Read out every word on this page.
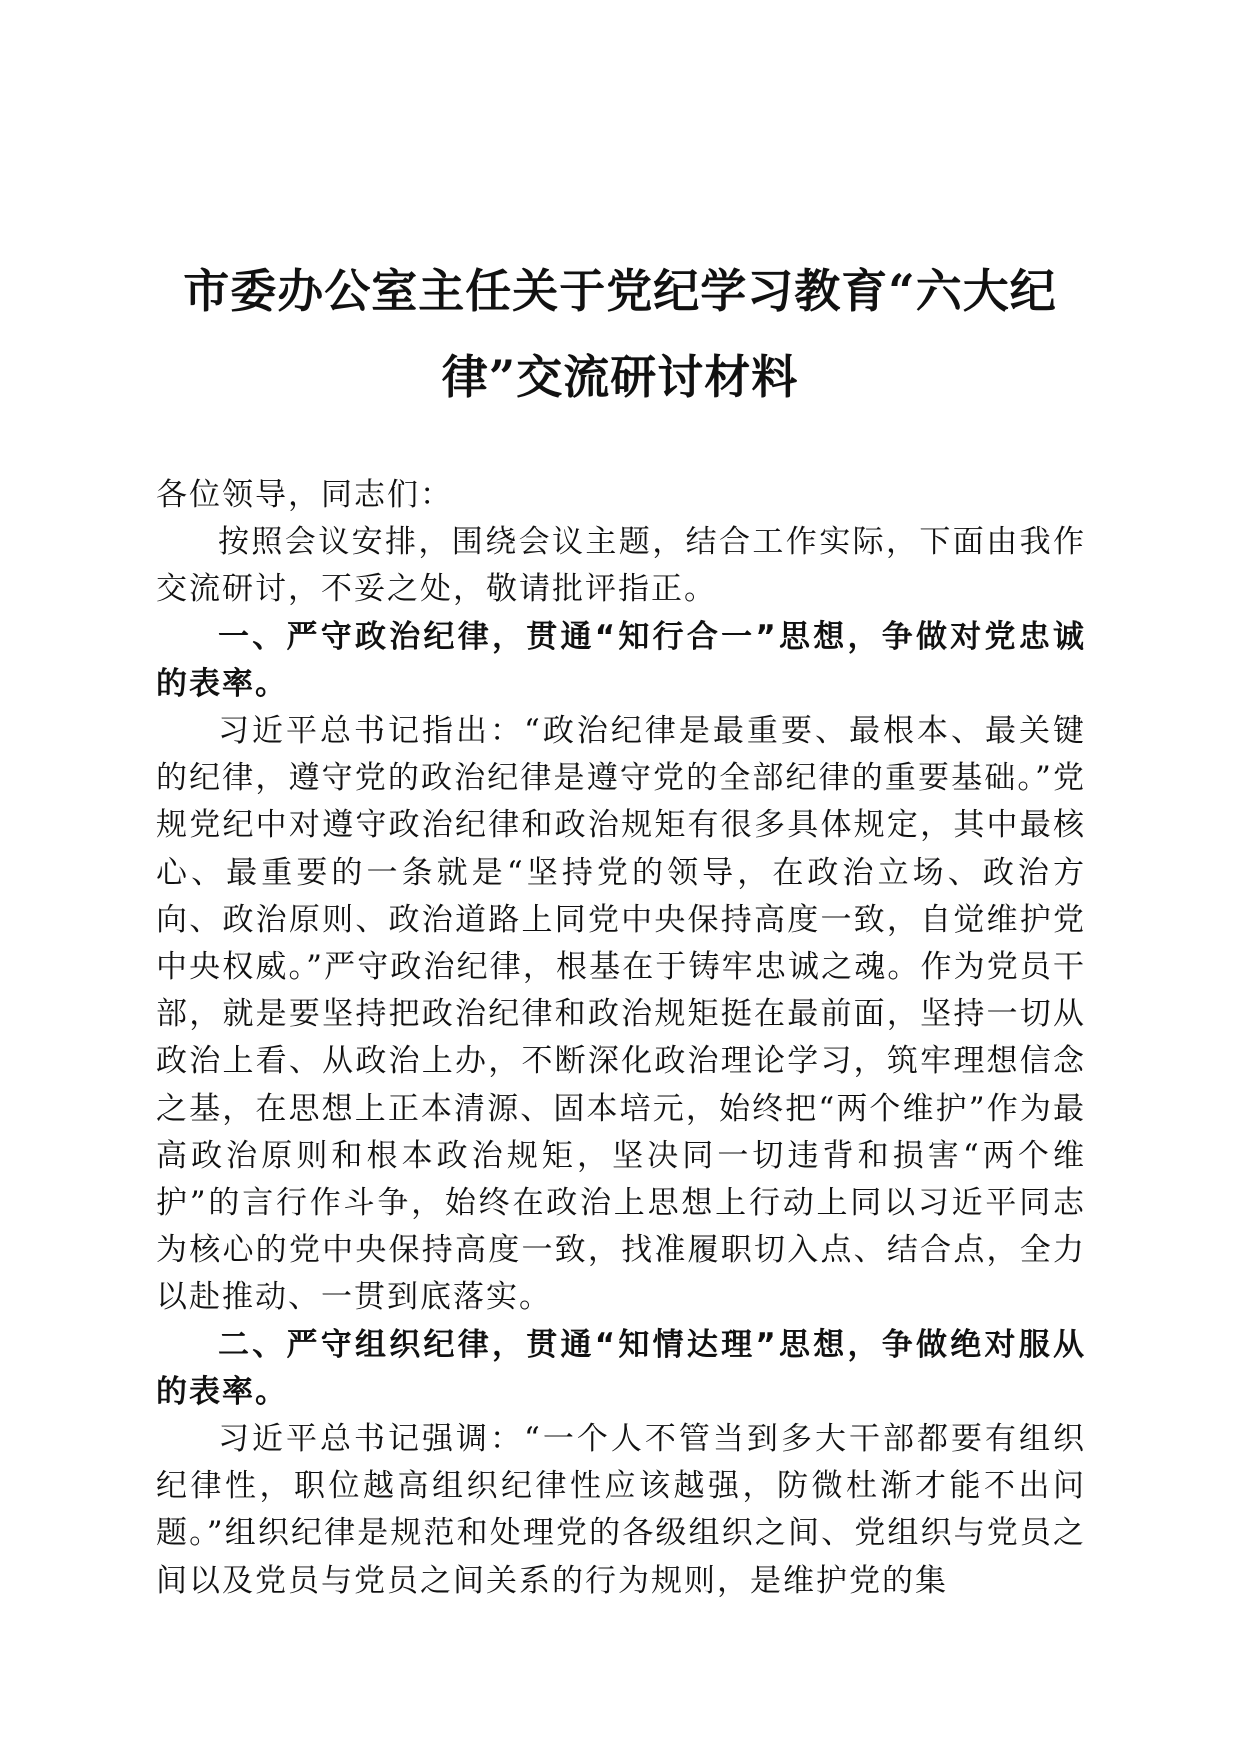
市委办公室主任关于党纪学习教育“六大纪
律”交流研讨材料

各位领导，同志们：

按照会议安排，围绕会议主题，结合工作实际，下面由我作交流研讨，不妥之处，敬请批评指正。

一、严守政治纪律，贯通“知行合一”思想，争做对党忠诚的表率。

习近平总书记指出：“政治纪律是最重要、最根本、最关键的纪律，遵守党的政治纪律是遵守党的全部纪律的重要基础。”党规党纪中对遵守政治纪律和政治规矩有很多具体规定，其中最核心、最重要的一条就是“坚持党的领导，在政治立场、政治方向、政治原则、政治道路上同党中央保持高度一致，自觉维护党中央权威。”严守政治纪律，根基在于铸牢忠诚之魂。作为党员干部，就是要坚持把政治纪律和政治规矩挺在最前面，坚持一切从政治上看、从政治上办，不断深化政治理论学习，筑牢理想信念之基，在思想上正本清源、固本培元，始终把“两个维护”作为最高政治原则和根本政治规矩，坚决同一切违背和损害“两个维护”的言行作斗争，始终在政治上思想上行动上同以习近平同志为核心的党中央保持高度一致，找准履职切入点、结合点，全力以赴推动、一贯到底落实。

二、严守组织纪律，贯通“知情达理”思想，争做绝对服从的表率。

习近平总书记强调：“一个人不管当到多大干部都要有组织纪律性，职位越高组织纪律性应该越强，防微杜渐才能不出问题。”组织纪律是规范和处理党的各级组织之间、党组织与党员之间以及党员与党员之间关系的行为规则，是维护党的集
